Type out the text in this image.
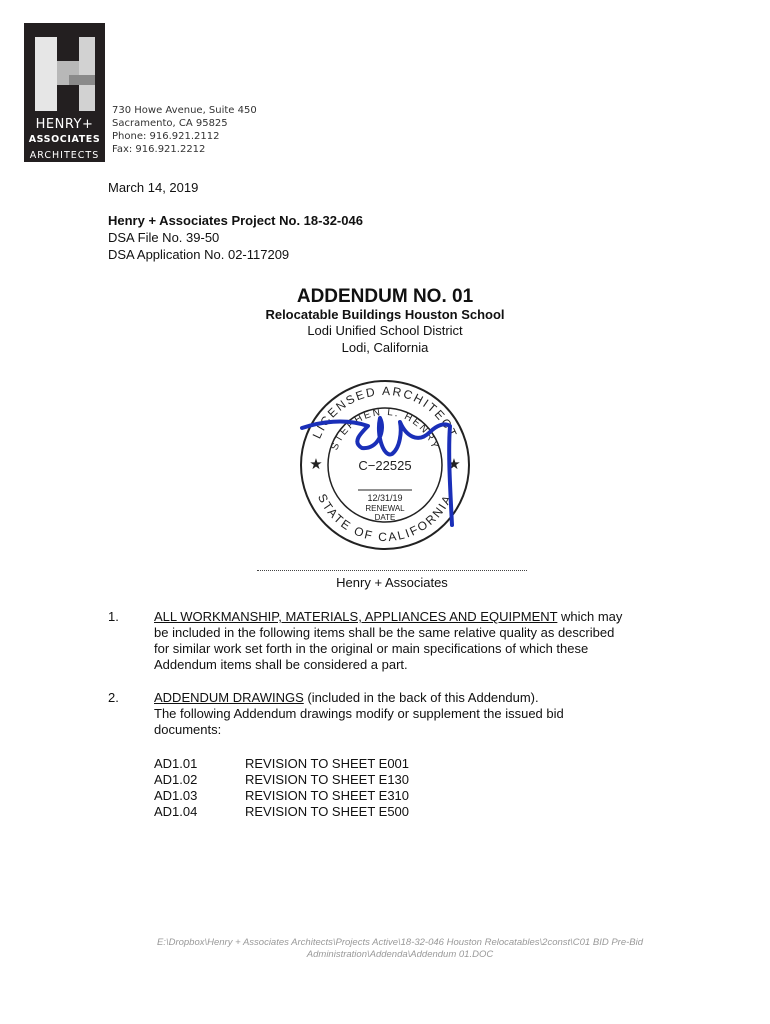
HENRY+
ASSOCIATES
ARCHITECTS
730 Howe Avenue, Suite 450
Sacramento, CA 95825
Phone: 916.921.2112
Fax: 916.921.2212
March 14, 2019
Henry + Associates Project No. 18-32-046
DSA File No. 39-50
DSA Application No. 02-117209
ADDENDUM NO. 01
Relocatable Buildings Houston School
Lodi Unified School District
Lodi, California
LICENSED ARCHITECT
STEPHEN L. HENRY
STATE OF CALIFORNIA
★	★
C−22525
12/31/19
RENEWAL
DATE
Henry + Associates
1.	ALL WORKMANSHIP, MATERIALS, APPLIANCES AND EQUIPMENT which may
be included in the following items shall be the same relative quality as described
for similar work set forth in the original or main specifications of which these
Addendum items shall be considered a part.
2.	ADDENDUM DRAWINGS (included in the back of this Addendum).
The following Addendum drawings modify or supplement the issued bid
documents:
AD1.01	REVISION TO SHEET E001
AD1.02	REVISION TO SHEET E130
AD1.03	REVISION TO SHEET E310
AD1.04	REVISION TO SHEET E500
E:\Dropbox\Henry + Associates Architects\Projects Active\18-32-046 Houston Relocatables\2const\C01 BID Pre-Bid
Administration\Addenda\Addendum 01.DOC
